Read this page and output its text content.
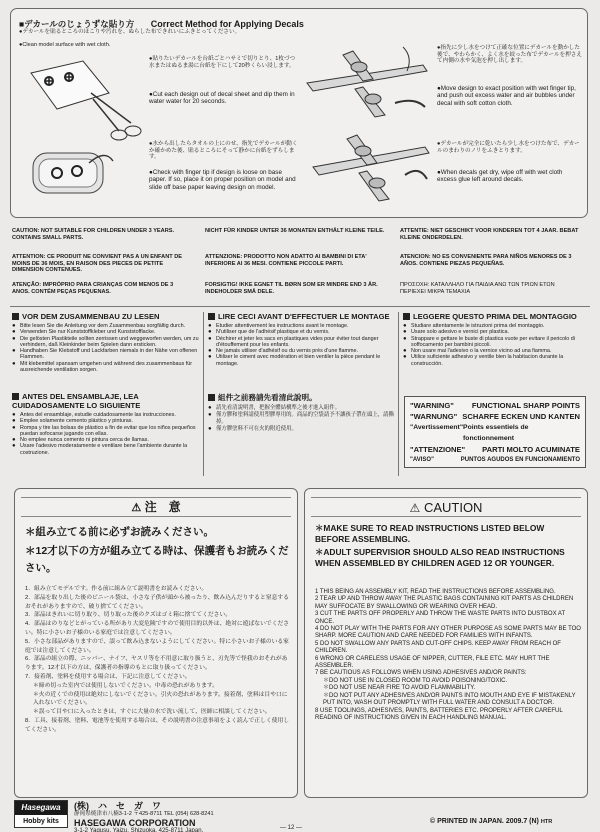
■デカールのじょうずな貼り方 Correct Method for Applying Decals
●デカールを貼るところのほこりや汚れを、ぬらした布できれいにふきとってください。
●Clean model surface with wet cloth.
●貼りたいデカールを台紙ごとハサミで切りとり、1枚づつ水またはぬるま湯に台紙を下にして20秒くらい浸します。
●Cut each design out of decal sheet and dip them in water water for 20 seconds.
●水から出したらタオルの上にのせ、指先でデカールが動くか確かめた後、貼るところにそって静かに台紙をずらします。
●Check with finger tip if design is loose on base paper. If so, place it on proper position on model and slide off base paper leaving design on model.
●指先に少し水をつけて正確な位置にデカールを動かした後で、やわらかく、よく水を絞った布でデカールを押さえて内側の水や気泡を押し出します。
●Move design to exact position with wet finger tip, and push out excess water and air bubbles under decal with soft cotton cloth.
●デカールが完全に乾いたら少し水をつけた布で、デカールのまわりのノリをふきとります。
●When decals get dry, wipe off with wet cloth excess glue left around decals.
CAUTION: NOT SUITABLE FOR CHILDREN UNDER 3 YEARS. CONTAINS SMALL PARTS.
NICHT FÜR KINDER UNTER 36 MONATEN ENTHÄLT KLEINE TEILE.	ATTENTIE: NIET GESCHIKT VOOR KINDEREN TOT 4 JAAR. BEBAT KLEINE ONDERDELEN.
ATTENTION: CE PRODUIT NE CONVIENT PAS A UN ENFANT DE MOINS DE 36 MOIS, EN RAISON DES PIECES DE PETITE DIMENSION CONTENUES.
ATTENZIONE: PRODOTTO NON ADATTO AI BAMBINI DI ETA' INFERIORE AI 36 MESI. CONTIENE PICCOLE PARTI.
ATENCION: NO ES CONVENIENTE PARA NIÑOS MENORES DE 3 AÑOS. CONTIENE PIEZAS PEQUEÑAS.
ATENÇÃO: IMPRÓPRIO PARA CRIANÇAS COM MENOS DE 3 ANOS. CONTÉM PEÇAS PEQUENAS.
FORSIGTIG! IKKE EGNET TIL BØRN SOM ER MINDRE END 3 ÅR. INDEHOLDER SMÅ DELE.
ΠΡΟΣΟΧΗ: ΚΑΤΑΛΛΗΛΟ ΓΙΑ ΠΑΙΔΙΑ ΑΝΩ ΤΩΝ ΤΡΙΩΝ ΕΤΩΝ ΠΕΡΙΕΧΕΙ ΜΙΚΡΑ ΤΕΜΑΧΙΑ
VOR DEM ZUSAMMENBAU ZU LESEN
● Bitte lesen Sie die Anleitung vor dem Zusammenbau sorgfältig durch.
● Verwenden Sie nur Kunststoffkleber und Kunststofflacke.
● Die gelösten Plastikteile sollten zerrissen und weggeworfen werden, um zu verhindern, daß Kleinkinder beim Spielen dann ersticken.
● Handhaben Sie Klebstoff und Lackfarben niemals in der Nähe von offenen Flammen.
● Mit klebemittel spansam umgehen und während des zusammenbaus für ausreichende ventilation sorgen.
ANTES DEL ENSAMBLAJE, LEA CUIDADOSAMENTE LO SIGUIENTE
● Antes del ensamblaje, estudie cuidadosamente las instrucciones.
● Emplee solamente cemento plástico y pinturas.
● Rompa y tire las bolsas de plástico a fin de evitar que los niños pequeños puedan sofocarse jugando con ellas.
● No emplee nunca cemento ni pintura cerca de llamas.
● Usare l'adesivo moderatamente e ventilare bene l'ambiente durante la costruzione.
LIRE CECI AVANT D'EFFECTUER LE MONTAGE
● Etudier attentivement les instructions avant le montage.
● N'utiliser que de l'adhésif plastique et du vernis.
● Déchirer et jeter les sacs en plastiques vides pour éviter tout danger d'étouffement pour les enfants.
● Ne jamais utiliser d'adhésif ou du vernis près d'une flamme.
● Utiliser le ciment avec modération et bien ventiler la pièce pendant le montage.
組件之前務請先看清此說明。
● 請先看清說明書，把握全體結構準之後才進入組件。
● 僅方膠和塗料請使用塑膠專用的。商品的空袋請予不讓孩子帶在頭上，請撕掉。
● 僅方膠塗料不可在火的附近使用。
LEGGERE QUESTO PRIMA DEL MONTAGGIO
● Studiare attentamente le istruzioni prima del montaggio.
● Usare solo adesivo e vernici per plastica.
● Strappare e gettare le buste di plastica vuote per evitare il pericolo di soffocamento per bambini piccoli.
● Non usare mai l'adesivo o la vernice vicino ad una fiamma.
● Utilice suficiente adhesivo y ventile bien la habitacion durante la construcción.
"WARNING" FUNCTIONAL SHARP POINTS
"WARNUNG" SCHARFE ECKEN UND KANTEN
"Avertissement" Points essentiels de fonctionnement
"ATTENZIONE" PARTI MOLTO ACUMINATE
"AVISO"	PUNTOS AGUDOS EN FUNCIONAMIENTO
⚠ 注　意
＊組み立てる前に必ずお読みください。
＊12才以下の方が組み立てる時は、保護者もお読みください。
1．組み立てモデルです。作る前に組み立て説明書をお読みください。
2．部品を取り出した後のビニール袋は、小さな子供が頭から被ったり、飲み込んだりすると窒息するおそれがありますので、破り捨ててください。
3．部品はきれいに切り取り、切り取った後のクズはゴミ箱に捨ててください。
4．部品はのりなどとがっている所があり大変危険ですので使用目的以外は、絶対に遊ばないでください。特に小さいお子様のいる家庭では注意してください。
5．小さな部品がありますので、誤って飲み込まないようにしてください。特に小さいお子様のいる家庭では注意してください。
6．部品の組立の際、ニッパー、ナイフ、ヤスリ等を不用意に取り扱うと、刃先等で怪我のおそれがあります。12才以下の方は、保護者の指導のもとに取り扱ってください。
7．接着剤、塗料を使用する場合は、下記に注意してください。
＊締め切った室内では使用しないでください。中毒の恐れがあります。
＊火の近くでの使用は絶対にしないでください。引火の恐れがあります。接着剤、塗料は目や口に入れないでください。
＊誤って目や口に入ったときは、すぐに大量の水で洗い流して、医師に相談してください。
8．工具、接着剤、塗料、電池等を使用する場合は、その説明書の注意事項をよく読んで正しく使用してください。
⚠ CAUTION
＊MAKE SURE TO READ INSTRUCTIONS LISTED BELOW BEFORE ASSEMBLING.
＊ADULT SUPERVISIOR SHOULD ALSO READ INSTRUCTIONS WHEN ASSEMBLED BY CHILDREN AGED 12 OR YOUNGER.
1 THIS BEING AN ASSEMBLY KIT, READ THE INSTRUCTIONS BEFORE ASSEMBLING.
2 TEAR UP AND THROW AWAY THE PLASTIC BAGS CONTAINING KIT PARTS AS CHILDREN MAY SUFFOCATE BY SWALLOWING OR WEARING OVER HEAD.
3 CUT THE PARTS OFF PROPERLY AND THROW THE WASTE PARTS INTO DUSTBOX AT ONCE.
4 DO NOT PLAY WITH THE PARTS FOR ANY OTHER PURPOSE AS SOME PARTS MAY BE TOO SHARP. MORE CAUTION AND CARE NEEDED FOR FAMILIES WITH INFANTS.
5 DO NOT SWALLOW ANY PARTS AND CUT-OFF CHIPS. KEEP AWAY FROM REACH OF CHILDREN.
6 WRONG OR CARELESS USAGE OF NIPPER, CUTTER, FILE ETC. MAY HURT THE ASSEMBLER.
7 BE CAUTIOUS AS FOLLOWS WHEN USING ADHESIVES AND/OR PAINTS:
＊DO NOT USE IN CLOSED ROOM TO AVOID POISONING/TOXIC.
＊DO NOT USE NEAR FIRE TO AVOID FLAMMABILITY.
＊DO NOT PUT ANY ADHESIVES AND/OR PAINTS INTO MOUTH AND EYE IF MISTAKENLY PUT INTO, WASH OUT PROMPTLY WITH FULL WATER AND CONSULT A DOCTOR.
8 USE TOOLINGS, ADHESIVES, PAINTS, BATTERIES ETC. PROPERLY AFTER CAREFUL READING OF INSTRUCTIONS GIVEN IN EACH HANDLING MANUAL.
Hasegawa
Hobby kits
(株)　ハ　セ　ガ　ワ
静岡県焼津市八楠3-1-2 〒425-8711 TEL (054) 628-8241
HASEGAWA CORPORATION
3-1-2 Yagusu. Yaizu. Shizuoka. 425-8711 Japan.	— 12 —
© PRINTED IN JAPAN. 2009.7 (N) HTR
